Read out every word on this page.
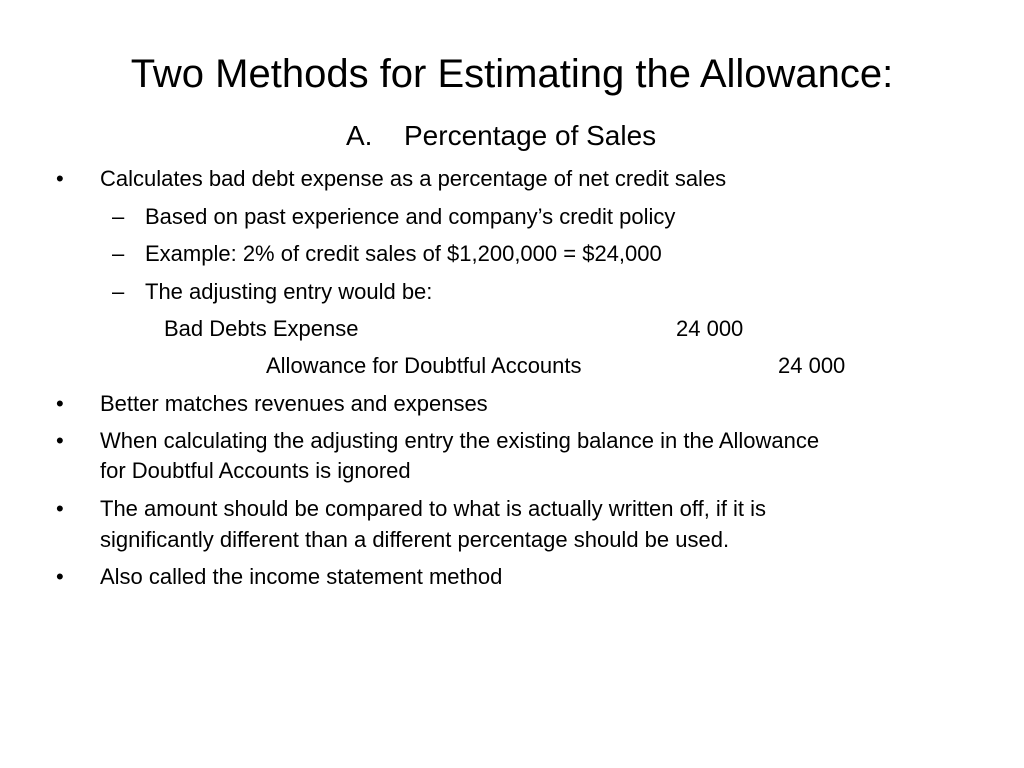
Two Methods for Estimating the Allowance:
A. Percentage of Sales
• Calculates bad debt expense as a percentage of net credit sales
– Based on past experience and company’s credit policy
– Example: 2% of credit sales of $1,200,000 = $24,000
– The adjusting entry would be:
Bad Debts Expense	24 000
Allowance for Doubtful Accounts	24 000
• Better matches revenues and expenses
• When calculating the adjusting entry the existing balance in the Allowance
for Doubtful Accounts is ignored
• The amount should be compared to what is actually written off, if it is
significantly different than a different percentage should be used.
• Also called the income statement method
